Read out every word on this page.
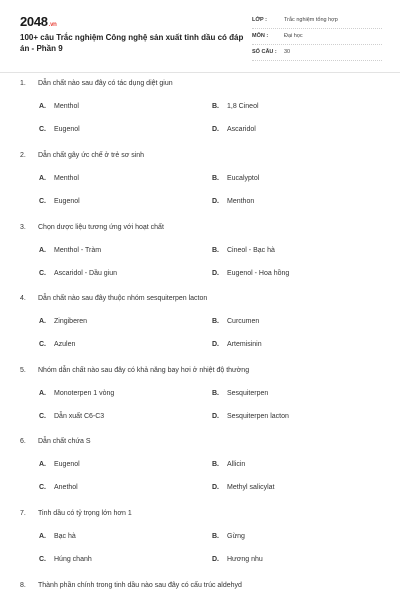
2048.vn
100+ câu Trắc nghiệm Công nghệ sản xuất tinh dầu có đáp án - Phần 9
LỚP :	Trắc nghiệm tổng hợp
MÔN :	Đại học
SỐ CÂU : 30
1. Dẫn chất nào sau đây có tác dụng diệt giun
A. Menthol	B. 1,8 Cineol
C. Eugenol	D. Ascaridol
2. Dẫn chất gây ức chế ở trẻ sơ sinh
A. Menthol	B. Eucalyptol
C. Eugenol	D. Menthon
3. Chọn dược liệu tương ứng với hoạt chất
A. Menthol - Tràm	B. Cineol - Bạc hà
C. Ascaridol - Dầu giun	D. Eugenol - Hoa hồng
4. Dẫn chất nào sau đây thuộc nhóm sesquiterpen lacton
A. Zingiberen	B. Curcumen
C. Azulen	D. Artemisinin
5. Nhóm dẫn chất nào sau đây có khả năng bay hơi ở nhiệt độ thường
A. Monoterpen 1 vòng	B. Sesquiterpen
C. Dẫn xuất C6-C3	D. Sesquiterpen lacton
6. Dẫn chất chứa S
A. Eugenol	B. Allicin
C. Anethol	D. Methyl salicylat
7. Tinh dầu có tỷ trọng lớn hơn 1
A. Bạc hà	B. Gừng
C. Húng chanh	D. Hương nhu
8. Thành phần chính trong tinh dầu nào sau đây có cấu trúc aldehyd
